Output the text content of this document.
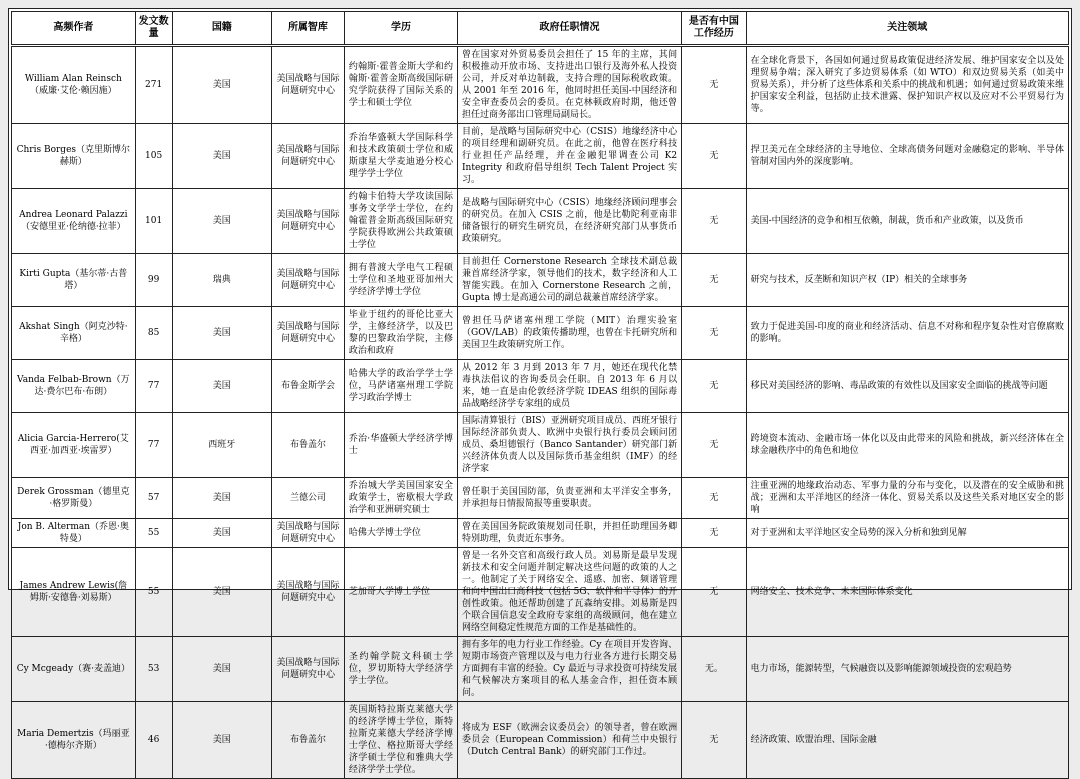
高频作者	发文数量	国籍	所属智库	学历	政府任职情况	是否有中国工作经历	关注领域
William Alan Reinsch（威廉·艾伦·赖因施）	271	美国	美国战略与国际问题研究中心	约翰斯·霍普金斯大学和约翰斯·霍普金斯高级国际研究学院获得了国际关系的学士和硕士学位	曾在国家对外贸易委员会担任了 15 年的主席，其间积极推动开放市场、支持进出口银行及海外私人投资公司，并反对单边制裁，支持合理的国际税收政策。从 2001 年至 2016 年，他同时担任美国-中国经济和安全审查委员会的委员。在克林顿政府时期，他还曾担任过商务部出口管理局副局长。	无	在全球化背景下，各国如何通过贸易政策促进经济发展、维护国家安全以及处理贸易争端；深入研究了多边贸易体系（如 WTO）和双边贸易关系（如美中贸易关系），并分析了这些体系和关系中的挑战和机遇；如何通过贸易政策来维护国家安全利益，包括防止技术泄露、保护知识产权以及应对不公平贸易行为等。
Chris Borges（克里斯博尔赫斯）	105	美国	美国战略与国际问题研究中心	乔治华盛顿大学国际科学和技术政策硕士学位和威斯康星大学麦迪逊分校心理学学士学位	目前，是战略与国际研究中心（CSIS）地缘经济中心的项目经理和副研究员。在此之前，他曾在医疗科技行业担任产品经理，并在金融犯罪调查公司 K2 Integrity 和政府倡导组织 Tech Talent Project 实习。	无	捍卫美元在全球经济的主导地位、全球高债务问题对金融稳定的影响、半导体管制对国内外的深度影响。
Andrea Leonard Palazzi（安德里亚·伦纳德·拉菲）	101	美国	美国战略与国际问题研究中心	约翰卡伯特大学攻读国际事务文学学士学位，在约翰霍普金斯高级国际研究学院获得欧洲公共政策硕士学位	是战略与国际研究中心（CSIS）地缘经济顾问理事会的研究员。在加入 CSIS 之前，他是比勒陀利亚南非储备银行的研究生研究员，在经济研究部门从事货币政策研究。	无	美国-中国经济的竞争和相互依赖，制裁，货币和产业政策，以及货币
Kirti Gupta（基尔蒂·古普塔）	99	瑞典	美国战略与国际问题研究中心	拥有普渡大学电气工程硕士学位和圣地亚哥加州大学经济学博士学位	目前担任 Cornerstone Research 全球技术副总裁兼首席经济学家，领导他们的技术，数字经济和人工智能实践。在加入 Cornerstone Research 之前，Gupta 博士是高通公司的副总裁兼首席经济学家。	无	研究与技术，反垄断和知识产权（IP）相关的全球事务
Akshat Singh（阿克沙特·辛格）	85	美国	美国战略与国际问题研究中心	毕业于纽约的哥伦比亚大学，主修经济学，以及巴黎的巴黎政治学院，主修政治和政府	曾担任马萨诸塞州理工学院（MIT）治理实验室（GOV/LAB）的政策传播助理，也曾在卡托研究所和美国卫生政策研究所工作。	无	致力于促进美国-印度的商业和经济活动、信息不对称和程序复杂性对官僚腐败的影响。
Vanda Felbab-Brown（万达·费尔巴布·布朗）	77	美国	布鲁金斯学会	哈佛大学的政治学学士学位，马萨诸塞州理工学院学习政治学博士	从 2012 年 3 月到 2013 年 7 月，她还在现代化禁毒执法倡议的咨询委员会任职。自 2013 年 6 月以来，她一直是由伦敦经济学院 IDEAS 组织的国际毒品战略经济学专家组的成员	无	移民对美国经济的影响、毒品政策的有效性以及国家安全面临的挑战等问题
Alicia Garcia-Herrero(艾西亚·加西亚·埃雷罗）	77	西班牙	布鲁盖尔	乔治·华盛顿大学经济学博士	国际清算银行（BIS）亚洲研究项目成员、西班牙银行国际经济部负责人、欧洲中央银行执行委员会顾问团成员、桑坦德银行（Banco Santander）研究部门新兴经济体负责人以及国际货币基金组织（IMF）的经济学家	无	跨境资本流动、金融市场一体化以及由此带来的风险和挑战，新兴经济体在全球金融秩序中的角色和地位
Derek Grossman（德里克·格罗斯曼）	57	美国	兰德公司	乔治城大学美国国家安全政策学士，密歇根大学政治学和亚洲研究硕士	曾任职于美国国防部，负责亚洲和太平洋安全事务，并承担每日情报简报等重要职责。	无	注重亚洲的地缘政治动态、军事力量的分布与变化，以及潜在的安全威胁和挑战；亚洲和太平洋地区的经济一体化、贸易关系以及这些关系对地区安全的影响
Jon B. Alterman（乔恩·奥特曼）	55	美国	美国战略与国际问题研究中心	哈佛大学博士学位	曾在美国国务院政策规划司任职，并担任助理国务卿特别助理，负责近东事务。	无	对于亚洲和太平洋地区安全局势的深入分析和独到见解
James Andrew Lewis(詹姆斯·安德鲁·刘易斯）	55	美国	美国战略与国际问题研究中心	芝加哥大学博士学位	曾是一名外交官和高级行政人员。刘易斯是最早发现新技术和安全问题并制定解决这些问题的政策的人之一。他制定了关于网络安全、遥感、加密、频谱管理和向中国出口高科技（包括 5G、软件和半导体）的开创性政策。他还帮助创建了瓦森纳安排。刘易斯是四个联合国信息安全政府专家组的高级顾问，他在建立网络空间稳定性规范方面的工作是基础性的。	无	网络安全、技术竞争、未来国际体系变化
Cy Mcgeady（赛·麦盖迪）	53	美国	美国战略与国际问题研究中心	圣约翰学院文科硕士学位，罗切斯特大学经济学学士学位。	拥有多年的电力行业工作经验。Cy 在项目开发咨询、短期市场资产管理以及与电力行业各方进行长期交易方面拥有丰富的经验。Cy 最近与寻求投资可持续发展和气候解决方案项目的私人基金合作，担任资本顾问。	无。	电力市场，能源转型，气候融资以及影响能源领域投资的宏观趋势
Maria Demertzis（玛丽亚·德梅尔齐斯）	46	美国	布鲁盖尔	英国斯特拉斯克莱德大学的经济学博士学位，斯特拉斯克莱德大学经济学博士学位、格拉斯哥大学经济学硕士学位和雅典大学经济学学士学位。	将成为 ESF（欧洲会议委员会）的领导者，曾在欧洲委员会（European Commission）和荷兰中央银行（Dutch Central Bank）的研究部门工作过。	无	经济政策、欧盟治理、国际金融
